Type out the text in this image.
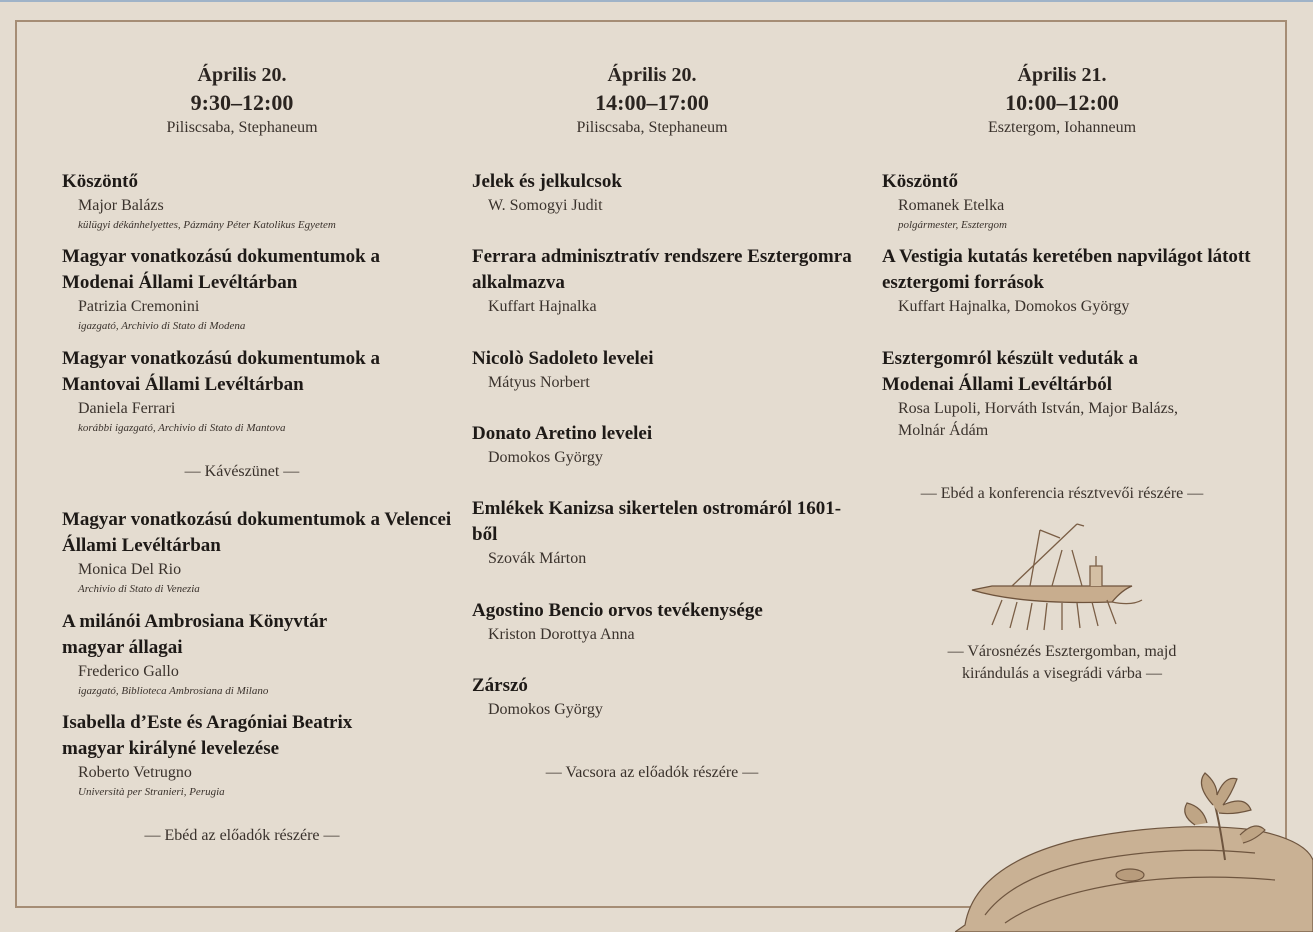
Április 20.
9:30–12:00
Piliscsaba, Stephaneum
Köszöntő
Major Balázs
külügyi dékánhelyettes, Pázmány Péter Katolikus Egyetem
Magyar vonatkozású dokumentumok a Modenai Állami Levéltárban
Patrizia Cremonini
igazgató, Archivio di Stato di Modena
Magyar vonatkozású dokumentumok a Mantovai Állami Levéltárban
Daniela Ferrari
korábbi igazgató, Archivio di Stato di Mantova
— Kávészünet —
Magyar vonatkozású dokumentumok a Velencei Állami Levéltárban
Monica Del Rio
Archivio di Stato di Venezia
A milánói Ambrosiana Könyvtár magyar állagai
Frederico Gallo
igazgató, Biblioteca Ambrosiana di Milano
Isabella d’Este és Aragóniai Beatrix magyar királyné levelezése
Roberto Vetrugno
Università per Stranieri, Perugia
— Ebéd az előadók részére —
Április 20.
14:00–17:00
Piliscsaba, Stephaneum
Jelek és jelkulcsok
W. Somogyi Judit
Ferrara adminisztratív rendszere Esztergomra alkalmazva
Kuffart Hajnalka
Nicolò Sadoleto levelei
Mátyus Norbert
Donato Aretino levelei
Domokos György
Emlékek Kanizsa sikertelen ostromáról 1601-ből
Szovák Márton
Agostino Bencio orvos tevékenysége
Kriston Dorottya Anna
Zárszó
Domokos György
— Vacsora az előadók részére —
Április 21.
10:00–12:00
Esztergom, Iohanneum
Köszöntő
Romanek Etelka
polgármester, Esztergom
A Vestigia kutatás keretében napvilágot látott esztergomi források
Kuffart Hajnalka, Domokos György
Esztergomról készült veduták a Modenai Állami Levéltárból
Rosa Lupoli, Horváth István, Major Balázs, Molnár Ádám
— Ebéd a konferencia résztvevői részére —
— Városnézés Esztergomban, majd kirándulás a visegrádi várba —
